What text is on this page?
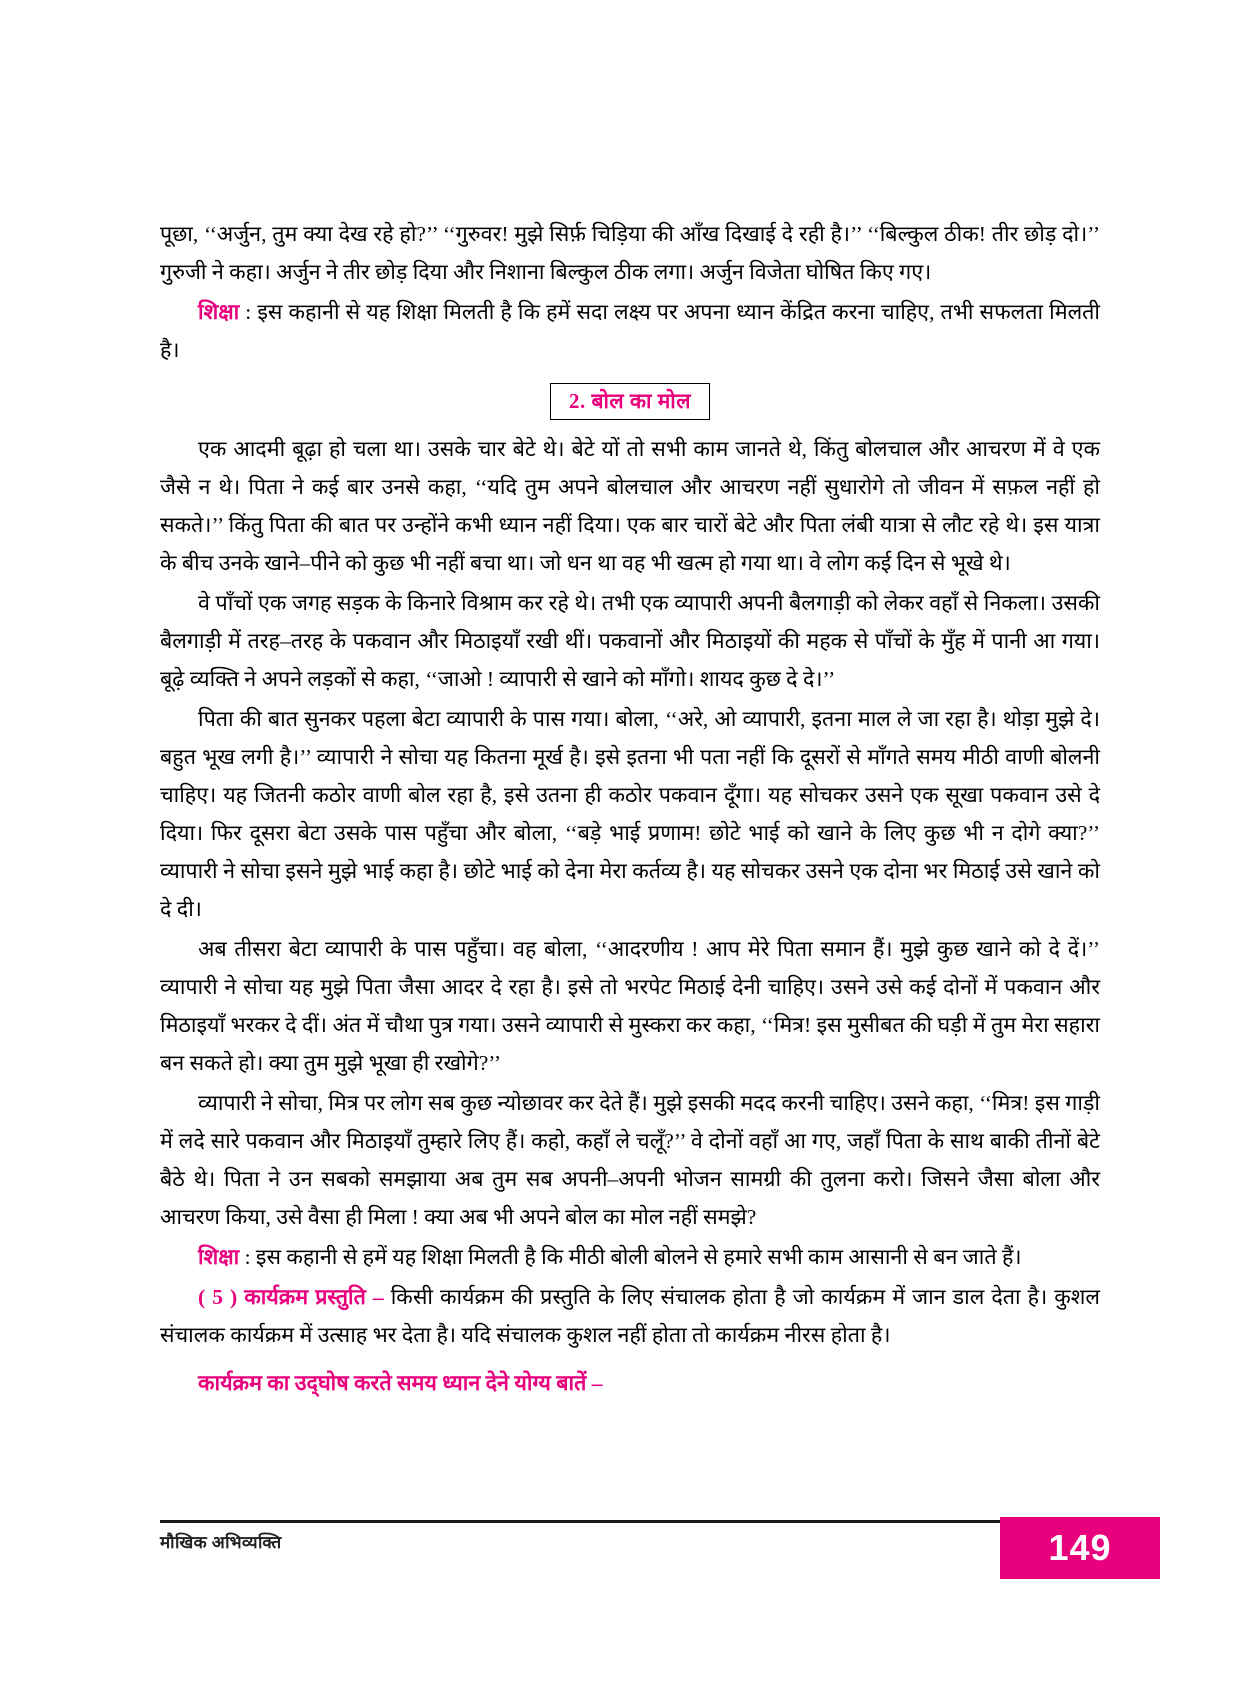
पूछा, ‘‘अर्जुन, तुम क्या देख रहे हो?’’ ‘‘गुरुवर! मुझे सिर्फ़ चिड़िया की आँख दिखाई दे रही है।’’ ‘‘बिल्कुल ठीक! तीर छोड़ दो।’’ गुरुजी ने कहा। अर्जुन ने तीर छोड़ दिया और निशाना बिल्कुल ठीक लगा। अर्जुन विजेता घोषित किए गए।

शिक्षा : इस कहानी से यह शिक्षा मिलती है कि हमें सदा लक्ष्य पर अपना ध्यान केंद्रित करना चाहिए, तभी सफलता मिलती है।

2. बोल का मोल

एक आदमी बूढ़ा हो चला था। उसके चार बेटे थे। बेटे यों तो सभी काम जानते थे, किंतु बोलचाल और आचरण में वे एक जैसे न थे। पिता ने कई बार उनसे कहा, ‘‘यदि तुम अपने बोलचाल और आचरण नहीं सुधारोगे तो जीवन में सफ़ल नहीं हो सकते।’’ किंतु पिता की बात पर उन्होंने कभी ध्यान नहीं दिया। एक बार चारों बेटे और पिता लंबी यात्रा से लौट रहे थे। इस यात्रा के बीच उनके खाने–पीने को कुछ भी नहीं बचा था। जो धन था वह भी खत्म हो गया था। वे लोग कई दिन से भूखे थे।

वे पाँचों एक जगह सड़क के किनारे विश्राम कर रहे थे। तभी एक व्यापारी अपनी बैलगाड़ी को लेकर वहाँ से निकला। उसकी बैलगाड़ी में तरह–तरह के पकवान और मिठाइयाँ रखी थीं। पकवानों और मिठाइयों की महक से पाँचों के मुँह में पानी आ गया। बूढ़े व्यक्ति ने अपने लड़कों से कहा, ‘‘जाओ ! व्यापारी से खाने को माँगो। शायद कुछ दे दे।’’

पिता की बात सुनकर पहला बेटा व्यापारी के पास गया। बोला, ‘‘अरे, ओ व्यापारी, इतना माल ले जा रहा है। थोड़ा मुझे दे। बहुत भूख लगी है।’’ व्यापारी ने सोचा यह कितना मूर्ख है। इसे इतना भी पता नहीं कि दूसरों से माँगते समय मीठी वाणी बोलनी चाहिए। यह जितनी कठोर वाणी बोल रहा है, इसे उतना ही कठोर पकवान दूँगा। यह सोचकर उसने एक सूखा पकवान उसे दे दिया। फिर दूसरा बेटा उसके पास पहुँचा और बोला, ‘‘बड़े भाई प्रणाम! छोटे भाई को खाने के लिए कुछ भी न दोगे क्या?’’ व्यापारी ने सोचा इसने मुझे भाई कहा है। छोटे भाई को देना मेरा कर्तव्य है। यह सोचकर उसने एक दोना भर मिठाई उसे खाने को दे दी।

अब तीसरा बेटा व्यापारी के पास पहुँचा। वह बोला, ‘‘आदरणीय ! आप मेरे पिता समान हैं। मुझे कुछ खाने को दे दें।’’ व्यापारी ने सोचा यह मुझे पिता जैसा आदर दे रहा है। इसे तो भरपेट मिठाई देनी चाहिए। उसने उसे कई दोनों में पकवान और मिठाइयाँ भरकर दे दीं। अंत में चौथा पुत्र गया। उसने व्यापारी से मुस्करा कर कहा, ‘‘मित्र! इस मुसीबत की घड़ी में तुम मेरा सहारा बन सकते हो। क्या तुम मुझे भूखा ही रखोगे?’’

व्यापारी ने सोचा, मित्र पर लोग सब कुछ न्योछावर कर देते हैं। मुझे इसकी मदद करनी चाहिए। उसने कहा, ‘‘मित्र! इस गाड़ी में लदे सारे पकवान और मिठाइयाँ तुम्हारे लिए हैं। कहो, कहाँ ले चलूँ?’’ वे दोनों वहाँ आ गए, जहाँ पिता के साथ बाकी तीनों बेटे बैठे थे। पिता ने उन सबको समझाया अब तुम सब अपनी–अपनी भोजन सामग्री की तुलना करो। जिसने जैसा बोला और आचरण किया, उसे वैसा ही मिला ! क्या अब भी अपने बोल का मोल नहीं समझे?

शिक्षा : इस कहानी से हमें यह शिक्षा मिलती है कि मीठी बोली बोलने से हमारे सभी काम आसानी से बन जाते हैं।

( 5 ) कार्यक्रम प्रस्तुति – किसी कार्यक्रम की प्रस्तुति के लिए संचालक होता है जो कार्यक्रम में जान डाल देता है। कुशल संचालक कार्यक्रम में उत्साह भर देता है। यदि संचालक कुशल नहीं होता तो कार्यक्रम नीरस होता है।

कार्यक्रम का उद्‌घोष करते समय ध्यान देने योग्य बातें –

मौखिक अभिव्यक्ति	149
